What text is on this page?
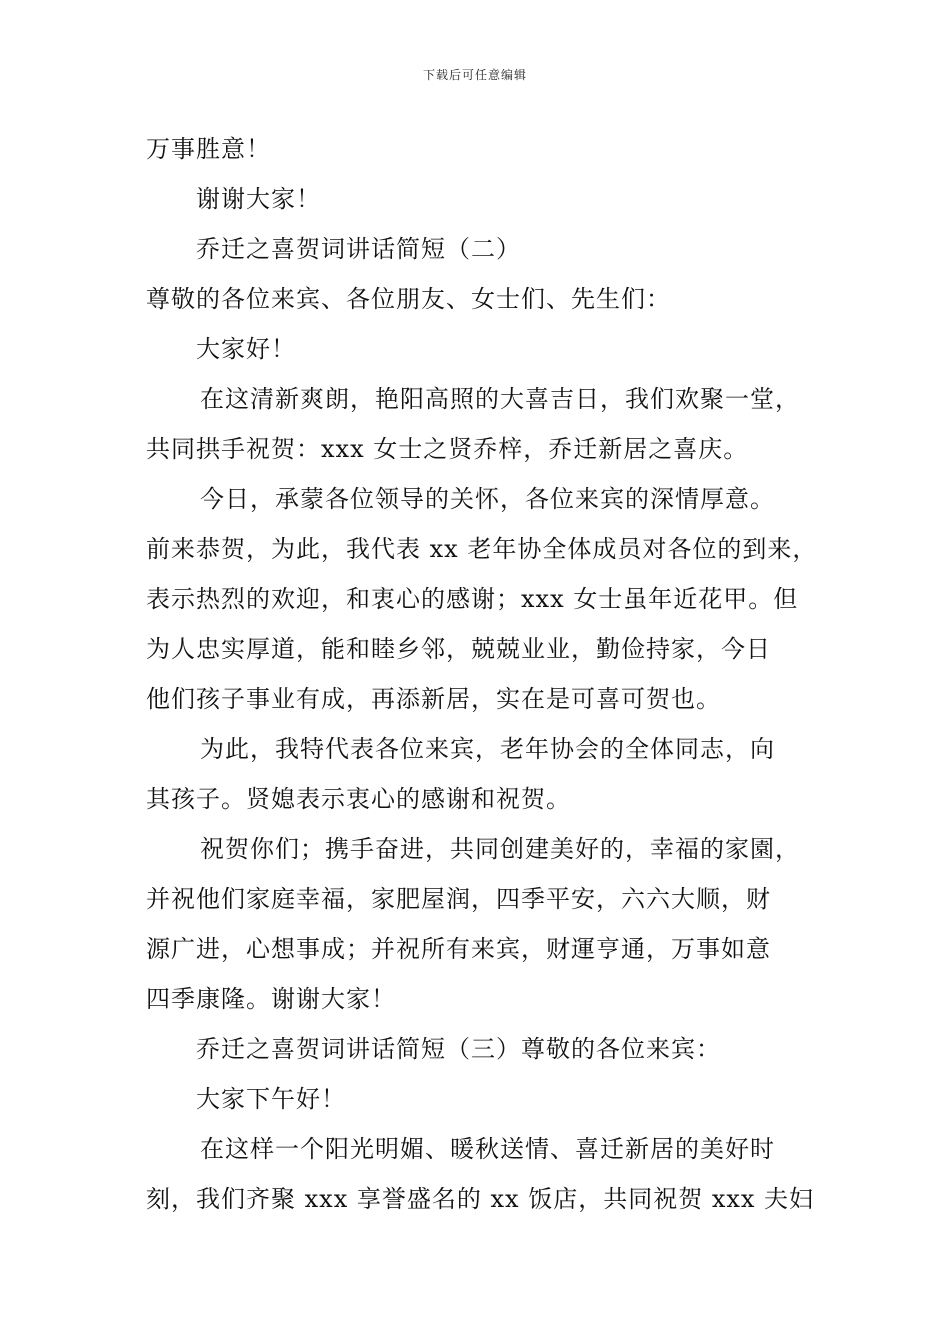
下载后可任意编辑
万事胜意！
谢谢大家！
乔迁之喜贺词讲话简短（二）
尊敬的各位来宾、各位朋友、女士们、先生们：
大家好！
在这清新爽朗，艳阳高照的大喜吉日，我们欢聚一堂，
共同拱手祝贺：xxx 女士之贤乔梓，乔迁新居之喜庆。
今日，承蒙各位领导的关怀，各位来宾的深情厚意。
前来恭贺，为此，我代表 xx 老年协全体成员对各位的到来，
表示热烈的欢迎，和衷心的感谢；xxx 女士虽年近花甲。但
为人忠实厚道，能和睦乡邻，兢兢业业，勤俭持家，今日
他们孩子事业有成，再添新居，实在是可喜可贺也。
为此，我特代表各位来宾，老年协会的全体同志，向
其孩子。贤媳表示衷心的感谢和祝贺。
祝贺你们；携手奋进，共同创建美好的，幸福的家園，
并祝他们家庭幸福，家肥屋润，四季平安，六六大顺，财
源广进，心想事成；并祝所有来宾，财運亨通，万事如意
四季康隆。谢谢大家！
乔迁之喜贺词讲话简短（三）尊敬的各位来宾：
大家下午好！
在这样一个阳光明媚、暖秋送情、喜迁新居的美好时
刻，我们齐聚 xxx 享誉盛名的 xx 饭店，共同祝贺 xxx 夫妇
